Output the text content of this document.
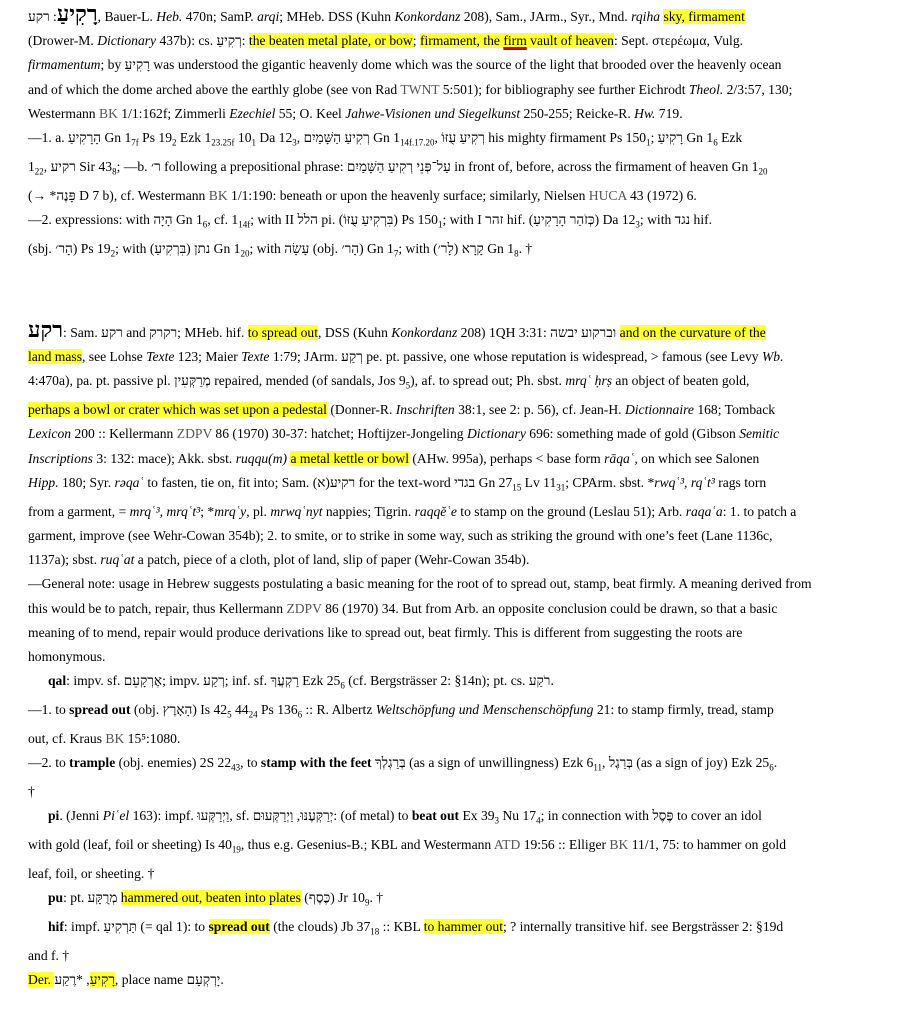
רָקִיעַ: רקע, Bauer-L. Heb. 470n; SamP. arqi; MHeb. DSS (Kuhn Konkordanz 208), Sam., JArm., Syr., Mnd. rqiha sky, firmament

(Drower-M. Dictionary 437b): cs. רְקִיעַ: the beaten metal plate, or bow; firmament, the firm vault of heaven: Sept. στερέωμα, Vulg.

firmamentum; by רָקִיעַ was understood the gigantic heavenly dome which was the source of the light that brooded over the heavenly ocean

and of which the dome arched above the earthly globe (see von Rad TWNT 5:501); for bibliography see further Eichrodt Theol. 2/3:57, 130;

Westermann BK 1/1:162f; Zimmerli Ezechiel 55; O. Keel Jahwe-Visionen und Siegelkunst 250-255; Reicke-R. Hw. 719.

—1. a. הָרָקִיעַ Gn $1_{7f}$ Ps $19_2$ Ezk $1_{23.25f}$ $10_1$ Da $12_3$, רְקִיעַ הַשָּׁמַיִם Gn $1_{14f.17.20}$, רְקִיעַ עֻזּוֹ his mighty firmament Ps $150_1$; רָקִיעַ Gn $1_6$ Ezk

$1_{22}$, רקיע Sir $43_8$; —b. ר׳ following a prepositional phrase: עַל־פְּנֵי רְקִיעַ הַשָּׁמַיִם in front of, before, across the firmament of heaven Gn $1_{20}$

(→ *פָּנֶה D 7 b), cf. Westermann BK 1/1:190: beneath or upon the heavenly surface; similarly, Nielsen HUCA 43 (1972) 6.

—2. expressions: with הָיָה Gn $1_6$, cf. $1_{14f}$; with II הלל pi. (בִּרְקִיעַ עֻזּוֹ) Ps $150_1$; with I זהר hif. (כְּזֹהַר הָרָקִיעַ) Da $12_3$; with נגד hif.

(sbj. הָר׳) Ps $19_2$; with נתן (בִּרְקִיעַ) Gn $1_{20}$; with עָשָׂה (obj. הָר׳) Gn $1_7$; with קָרָא (לָר׳) Gn $1_8$. †

רקע: Sam. רקע and רקרק; MHeb. hif. to spread out, DSS (Kuhn Konkordanz 208) 1QH 3:31: וברקוע יבשה and on the curvature of the

land mass, see Lohse Texte 123; Maier Texte 1:79; JArm. רְקַע pe. pt. passive, one whose reputation is widespread, > famous (see Levy Wb.

4:470a), pa. pt. passive pl. מְרַקְּעִין repaired, mended (of sandals, Jos $9_5$), af. to spread out; Ph. sbst. mrqʿ ḥrṣ an object of beaten gold,

perhaps a bowl or crater which was set upon a pedestal (Donner-R. Inschriften 38:1, see 2: p. 56), cf. Jean-H. Dictionnaire 168; Tomback

Lexicon 200 :: Kellermann ZDPV 86 (1970) 30-37: hatchet; Hoftijzer-Jongeling Dictionary 696: something made of gold (Gibson Semitic

Inscriptions 3: 132: mace); Akk. sbst. ruqqu(m) a metal kettle or bowl (AHw. 995a), perhaps < base form rāqaʿ, on which see Salonen

Hipp. 180; Syr. rəqaʿ to fasten, tie on, fit into; Sam. (א)רקיע for the text-word בגדי Gn $27_{15}$ Lv $11_{31}$; CPArm. sbst. *rwqʿ³, rqʿt³ rags torn

from a garment, = mrqʿ³, mrqʿt³; *mrqʿy, pl. mrwqʿnyt nappies; Tigrin. raqqĕʿe to stamp on the ground (Leslau 51); Arb. raqaʿa: 1. to patch a

garment, improve (see Wehr-Cowan 354b); 2. to smite, or to strike in some way, such as striking the ground with one’s feet (Lane 1136c,

1137a); sbst. ruqʿat a patch, piece of a cloth, plot of land, slip of paper (Wehr-Cowan 354b).

—General note: usage in Hebrew suggests postulating a basic meaning for the root of to spread out, stamp, beat firmly. A meaning derived from

this would be to patch, repair, thus Kellermann ZDPV 86 (1970) 34. But from Arb. an opposite conclusion could be drawn, so that a basic

meaning of to mend, repair would produce derivations like to spread out, beat firmly. This is different from suggesting the roots are

homonymous.

qal: impv. sf. אֶרְקָעֵם; impv. רְקַע; inf. sf. רַקְעֲךָ Ezk $25_6$ (cf. Bergsträsser 2: §14n); pt. cs. רֹקַע.

—1. to spread out (obj. הָאָרֶץ) Is $42_5$ $44_{24}$ Ps $136_6$ :: R. Albertz Weltschöpfung und Menschenschöpfung 21: to stamp firmly, tread, stamp

out, cf. Kraus BK 15⁵:1080.

—2. to trample (obj. enemies) 2S $22_{43}$, to stamp with the feet בְּרַגְלְךָ (as a sign of unwillingness) Ezk $6_{11}$, בְּרַגֶל (as a sign of joy) Ezk $25_6$.

†

pi. (Jenni Piʿel 163): impf. וַיְרַקְּעוּ, sf. יְרַקְּעֶנּוּ, וַיְרַקְּעוּם: (of metal) to beat out Ex $39_3$ Nu $17_4$; in connection with פֶּסֶל to cover an idol

with gold (leaf, foil or sheeting) Is $40_{19}$, thus e.g. Gesenius-B.; KBL and Westermann ATD 19:56 :: Elliger BK 11/1, 75: to hammer on gold

leaf, foil, or sheeting. †

pu: pt. מְרֻקָּע hammered out, beaten into plates (כֶּסֶף) Jr $10_9$. †

hif: impf. תַּרְקִיעַ (= qal 1): to spread out (the clouds) Jb $37_{18}$ :: KBL to hammer out; ? internally transitive hif. see Bergsträsser 2: §19d

and f. †

Der. רָקִיעַ, *רֶקַע, place name יָרְקְעָם.
